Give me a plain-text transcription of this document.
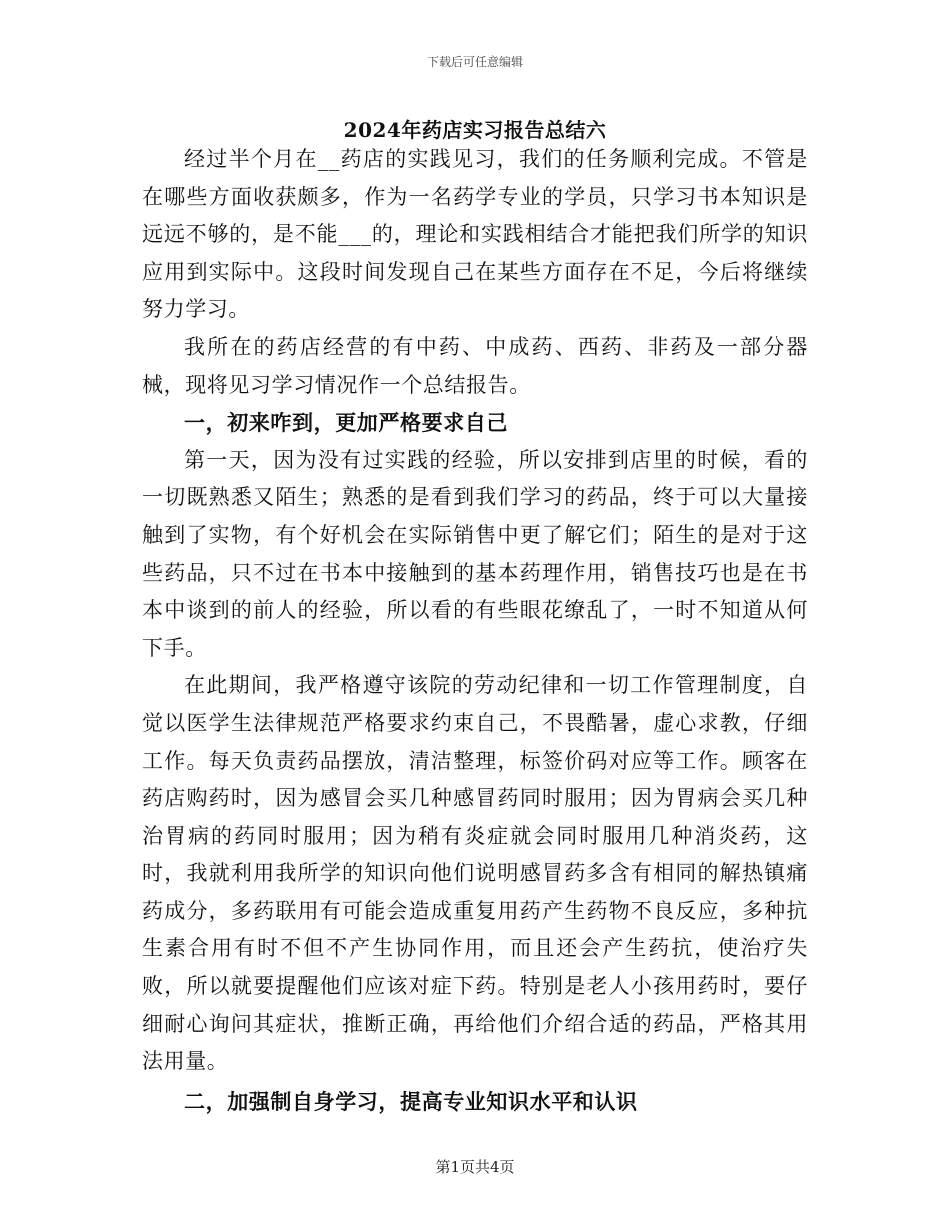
下载后可任意编辑
2024年药店实习报告总结六

经过半个月在__药店的实践见习，我们的任务顺利完成。不管是在哪些方面收获颇多，作为一名药学专业的学员，只学习书本知识是远远不够的，是不能___的，理论和实践相结合才能把我们所学的知识应用到实际中。这段时间发现自己在某些方面存在不足，今后将继续努力学习。

我所在的药店经营的有中药、中成药、西药、非药及一部分器械，现将见习学习情况作一个总结报告。

一，初来咋到，更加严格要求自己

第一天，因为没有过实践的经验，所以安排到店里的时候，看的一切既熟悉又陌生；熟悉的是看到我们学习的药品，终于可以大量接触到了实物，有个好机会在实际销售中更了解它们；陌生的是对于这些药品，只不过在书本中接触到的基本药理作用，销售技巧也是在书本中谈到的前人的经验，所以看的有些眼花缭乱了，一时不知道从何下手。

在此期间，我严格遵守该院的劳动纪律和一切工作管理制度，自觉以医学生法律规范严格要求约束自己，不畏酷暑，虚心求教，仔细工作。每天负责药品摆放，清洁整理，标签价码对应等工作。顾客在药店购药时，因为感冒会买几种感冒药同时服用；因为胃病会买几种治胃病的药同时服用；因为稍有炎症就会同时服用几种消炎药，这时，我就利用我所学的知识向他们说明感冒药多含有相同的解热镇痛药成分，多药联用有可能会造成重复用药产生药物不良反应，多种抗生素合用有时不但不产生协同作用，而且还会产生药抗，使治疗失败，所以就要提醒他们应该对症下药。特别是老人小孩用药时，要仔细耐心询问其症状，推断正确，再给他们介绍合适的药品，严格其用法用量。

二，加强制自身学习，提高专业知识水平和认识

第1页共4页
